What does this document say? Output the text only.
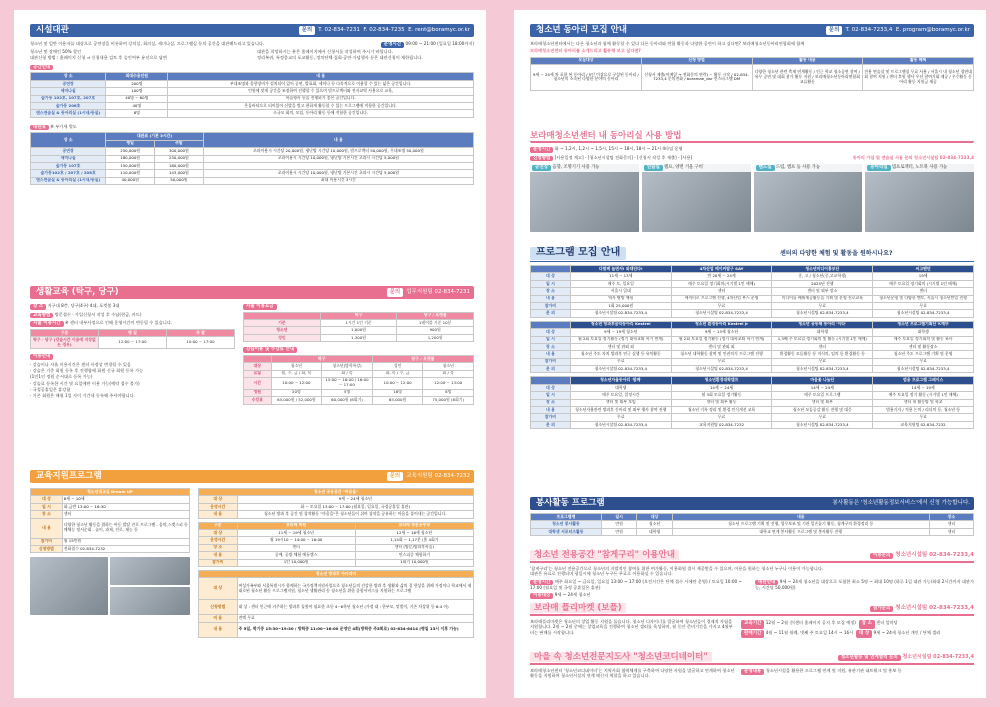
시설대관	문의 T. 02-834-7231 F. 02-834-7235 E. rent@boramyc.or.kr
청소년 및 일반 이용자를 대상으로 공연장을 비롯하여 강의실, 회의실, 세미나실, 프로그램실 등의 공간을 대관해드리고 있습니다.	운영시간 09:00 ~ 21:00 (일요일 18:00까지)
청소년 및 장애인 50% 할인
대관신청 방법 : 홈페이지 신청 ⇒ 신청내용 검토 후 승인여부 유선으로 답변
대관을 희망하시는 분은 홈페이지에서 신청서를 작성하여 주시기 바랍니다.
정리복귀, 특정종교의 포교활동, 정치단체 집회·공연·가념행사 등은 대관신청이 제한됩니다.
공간안내
장 소	최대수용인원	내 용
공연장	200명	부대조명과 음향장비가 설치되어 있어 공연, 발표회, 세미나 등 다목적으로 이용할 수 있는 넓은 공간입니다.
세미나실	100명	인원에 맞게 공간을 조정하여 진행할 수 있으며 빔프로젝터와 전자교탁 사용으로 교육,
숲가동 102호, 107호, 207호	40명 ~ 60명	학술행사 등을 진행하기 좋은 공간입니다.
숲가동 206호	40명	온돌바닥으로 되어있어 신발을 벗고 편하게 활동할 수 있는 프로그램에 적합한 공간입니다.
댄스연습실 & 동아리실 (1시내/동실)	8명	소규모 회의, 모임, 동아리 활동 등에 적합한 공간입니다.
대관료 ※ 부가세 별도
장 소	대관료 (기본 3시간)		내 용
	평일	주말	
공연장	250,000원	300,000원	초과이용시 시간당 20,000원, 냉난방 시간당 10,000원, 빔프로젝터 50,000원, 무대조명 50,000원
세미나실	180,000원	230,000원	초과이용시 시간당 10,000원, 냉난방 기본시간 초과시 시간당 5,000원
숲가동 107호	150,000원	180,000원	
숲가동102호 / 207호 / 208호	110,000원	143,000원	초과이용시 시간당 10,000원, 냉난방 기본시간 초과시 시간당 5,000원
댄스연습실 & 동아리실 (1시내/동실)	40,000원	50,000원	최대 이용시간 3시간
생활교육 (탁구, 당구)	문의 업무지원팀 02-834-7231
장 소 지구대 8층, 당구(4구) 4대, 포켓볼 3대
교육방법 방문접수 · 가입신청서 작성 후 수납(현금, 카드)
자율 이용시간 ※ 센터 내부사정으로 인해 운영시간이 변동될 수 있습니다.
구분	평 일	주 말
탁구 · 당구 (강습시간 이용에 지장없는 경우)	12:00 ~ 17:00	10:00 ~ 17:00
이용안내
· 강습이나 자율 이용시간은 센터 사정상 변경될 수 있음
· 강습은 기준 회원 등록 후 진행함에 회원 신규 회원 등록 가능
(1인1인 정원 순서대로 등록 가능)
· 강습료 등록한 시간 및 요일에만 이용 가능(예약 접수 불가)
· 국경공휴일은 휴강함
· 기존 회원은 매월 1일 사이 기간내 등록해 주셔야합니다.
자율 이용요금
	탁구	당구 / 포켓볼
기준	1시간 1인 기준	1테이블 기준 10분
청소년	1,000원	900원
성인	1,300원	1,200원
강습이용 및 수강료 안내
	탁구		당구 / 포켓볼	
대상	청소년	청소년(방학특강)	성인	청소년
요일	월, 수, 금 / 화, 목	화 / 목	화, 목 / 수, 금	화 / 목
시간	10:00 ~ 12:00	15:00 ~ 16:00 / 16:00 ~ 17:00	10:00 ~ 12:00	12:00 ~ 13:00
정원	20명	5명	16명	8명
수강료	65,000원 / 52,000원	60,000원 (8회기)	65,000원	75,000원 (8회기)
교육지원프로그램	문의 교육지원팀 02-834-7232
청소년대교실 Dream UP	
대 상	8세 ~ 10세
일 시	화,금반 13:00 ~ 16:30
장 소	센터
내 용	다양한 청소년 활동을 접하는 아동 발달 진로 프로그램 - 음악,스캣스피 등 예체능 정서순회 - 놀이, 과제, 진로, 재능 등
참가비	월 15만원
신청방법	전화접수 02-834-7232
청소년 공유공간 "마음을"	
대 상	9세 ~ 24세 청소년
운영시간	화 ~ 토요일 13:00 ~ 17:00 (월요일, 일요일, 국경공휴일 휴관)
내 용	청소년 방과 후 공간 및 창작활동 "마음을"은 청소년들이 쉬며 창작을 공유하는 마음을 풀어내는 공간입니다.
구분	보라매 학원	보라매 방문공부방
대 상	11세 ~ 19세 청소년	12세 ~ 16세 청소년
운영시간	월 19시10 ~ 14:00 ~ 16:00	1,14회 ~ 1,17분 (홈 4회기
장 소	센터	센터 (방문/방과후학습)
내 용	공예, 공방 체험 에듀캠스	인스피즘 체험하기
참가비	1인 10,000원	1회기 10,000원
청소년 방과후 아카데미	
대 상	여성가족부와 서울특별시가 함께하는 국가정책지원사업으로 청소년들의 건강한 방과 후 생활과 삶의 질 향상을 위해 가정이나 학교에서 제대로된 청소년 활동 프로그램지원, 청소년 생활관리 등 청소년을 위한 종합서비스를 지원하는 프로그램
신청방법	대 상 : 센터 인근에 거주하는 방과후 돌봄이 필요한 초등 4~6학년 청소년 (가정 대 : 한부모, 맞벌이, 기존 차상위 등 6:4 이)
비 용	전액 무료
내 용	주 5일, 학기중 15:30~19:30 / 방학중 11:00~16:00 운영안 4회(방학중 주5회로) 02-834-6414 (평일 13시 이후 가능)
청소년 동아리 모집 안내	문의 T. 02-834-7233,4 E. program@boramyc.or.kr
보라매청소년센터에서는 다른 청소년과 함께 활동할 수 있다 다른 동아리와 연합 활동과 다양한 공연이 하고 싶다면? 보라매청소년동아리연합회에 함께
보라매청소년센터 동아리를 소개드리고 활동해 보고 싶다면?
모집대상	신청 방법	활동 내용	활동 혜택
9세 ~ 24세 차 포함 된 동아리 / 5인 이상으로 구성된 동아리 / 청소년의 소속된 다양한 분야의 동아리	신청서 제출(이메일 → 전화문의 연락) ~ 활동 시작 / 02-834-7233,4 문의전화 / boramae_dar 인스타그램 DM	다양한 청소년 관련 축제 연계활동 / 인근 학교 청소공연 참여 / 유무 공연 및 대회 참가 활동 지원 / 보라매청소년동아리연합회 교류활동	전용 연습실 및 프로그램실 무료 사용 / 서울시 내 청소년 경연대회 참여 지원 / 센터 후원 행사 우선 참여기회 제공 / 우수활동 동아리 활동 지원금 제공
보라매청소년센터 내 동아리실 사용 방법
운영시간 화 ~ 1,2시, 1,2시 ~ 1,5시, 15시 ~ 18시, 18시 ~ 21시 4타임 운영
신청방법 [사용일정 제고] - [청소년시설팀 전화문의] - [신청서 작성 후 제출] - [사용]	동아리 가입 및 연습실 사용 문의 청소년시설팀 02-834-7233,4
공연장 음향, 조명기기 사용 가능	연습실 램프, 양면 거울 구비	밴드실 드럼, 앰프 등 사용 가능	동아리실 빔프로젝터, 노트북 사용 가능
프로그램 모집 안내	센터의 다양한 체험 및 활동을 원하시나요?
	다함께 놀면서! 와대단다!	4차산업 메이커탐구 SAY	청소년미디어홍보단	씨고밴던
대 상	11세 ~ 13세	만 20세 ~ 24세	중, 고 / 청소년(중,고교학생)	19세
일 시	매주 토, 일요일	매주 토요일 정기회의(시기별 1인 매체)	2025년 진행	매주 토요일 정기회의 (시기별 1인 매체)
장 소	서울시 일대	센터	센터 및 외부 장소	센터
내 용	역사 탐방 체험	캐릭터로 프로그램 진행, 4차산업 부스 운영	미디어를 배워제공활동을 기획 및 운영 진로교육	청소년운영 및 다양한 멘토, 서울시 청소년반일 진행
참가비	1회 25,000원	무료	무료	무료
문 의	청소년시설팀 02-834-7233,4	청소년시설팀 02-834-7233,4	청소년시설팀 02-834-7233,4	청소년시설팀 02-834-7233,4
	청소년 방과후음악동아리 Kestrel	청소년 환경동아리 Kestrel jr	청소년 공동체 동아리 '이타'	청소년 프로그램기획단 Y.메뚜
대 상	9세 ~ 19세 청소년	9세 ~ 13세 청소년	대학생	대학생
일 시	월 2회 토요일 정기활동 (정기 대학교와 학기 연계)	월 2회 토요일 정기활동 (정기 대학교와 학기 연계)	1,3째 주 토요일 정기회의 및 활동 (시기별 1인 매체)	매주 토요일 정기회의 및 활동 조사
장 소	센터 및 관외 외	센터 및 관외 외	센터	센터 및 활동장소
내 용	청소년 주도 자치 방과후 연극 실행 등 유익활동	청소년 대학활동 참여 및 인권의식 프로그램 진행	환경활동 모둠활동 등 지식의, 임의 등 환경활동 등	청소년 주도 프로그램 기획 및 운영
참가비	무료	무료	무료	무료
문 의	청소년시설팀 02-834-7233,4	청소년시설팀 02-834-7233,4	청소년시설팀 02-834-7233,4	청소년시설팀 02-834-7233,4
	청소년자율동아리 '함께'	청소년환경대학캠프	마음꽃 나눔단	범용 프로그램 그래이스
대 상	대학생	14세 ~ 24세	14세 ~ 24세	14세 ~ 19세
일 시	매주 토요일, 일정시간	월 3회 토요일 정기활동	매주 토요일 프로그램	매주 토요일 정기 활동 (시기별 1인 매체)
장 소	센터 및 외부 모임	센터 및 외부 활동	센터 및 외부	센터 내 활동방 및 학교
내 용	청소년자율관련 방과후 동아리 및 외부 행사 참여 진행	청소년 기록 정리 및 환경 인식개선 교육	청소년 모둠공감 활동 진행 및 대응	범용기자 / 적용 논의 / 리더의 등, 청소년 등
참가비	무료	무료	무료	무료
문 의	청소년시설팀 02-834-7233,4	교육지원팀 02-834-7232	청소년시설팀 02-834-7233,4	교육지원팀 02-834-7232
봉사활동 프로그램	봉사활동은 '청소년활동정보서비스'에서 신청 가능합니다.
프로그램명	일시	대상	내용	장소
청소년 봉사활동	만원	청소년	청소년 프로그램 기획 및 진행, 업무보조 및 기관 일손돕기 활동, 청계구의 환경정리 등	센터
대학생 서포터즈활동	만원	대학생	대학교 연계 봉사활동 프로그램 및 봉사활동 진행	센터
청소년 전용공간 "참게구리" 이용안내	이용문의 청소년시설팀 02-834-7233,4
'참게구리'는 청소년 전용공간으로 청소년의 자발적인 참여를 위한 여가활동, 이용회원 접시 제공받을 수 있으며, 이용을 원하는 청소년 누구나 이용이 가능합니다.
대관은 유료로 진행되며 평일시에 청소년 누구든 무료로 이용하실 수 있습니다.
운영시간 매주 화요일 ~ 금요일, 일요일 13:00 ~ 17:00 (오전시간은 단체 접수 시에만 운영) / 토요일 10:00 ~ 17:00 (월요일 및 국정 공휴일은 휴관)
대관안내 9세 ~ 24세 청소년을 대상으로 포함한 최소 5명 ~ 최대 10명 (하루 1일 대관 가능/최대 2시간까지 대관가능, 시간당 50,000원)
이용대상 9세 ~ 24세 청소년
보라매 플리마켓 (보플)	참가문의 청소년시설팀 02-834-7233,4
보라매플리마켓은 청소년의 창업 활동 지원을 돕습니다. 청소년 디자이너를 발굴하여 청소년들이 경제적 자립을 지원합니다. 2월 ~ 2월 중에는 창업교육을 진행하여 청소년 셀러를 육성하며, 월 동안 준비기간을 가지고 4월부터는 판매를 시작합니다.
교육기간 12월 ~ 2월 중(센터 홈페이지 공지 후 모집 예정) 장 소 센터 앞마당
판매기간 4월 ~ 11월 월례, 넷째 주 토요일 14시 ~ 16시 대 상 9세 ~ 24세 청소년 개인 / 단체 셀러
마을 속 청소년전문지도사 "청소년코디네이터"	청소년활동 및 연계협력 문의 청소년시설팀 02-834-7233,4
보라매청소년센터 '청소년코디네이터'는 지역사회 협력체계를 구축하여 다양한 자원을 발굴하고 연계하여 청소년활동을 지원하며 청소년시설의 연계 메신저 역할을 하고 있습니다.
운영내용 청소년시설을 활용한 프로그램 연계 및 지원, 유관기관 네트워크 및 홍보 등
